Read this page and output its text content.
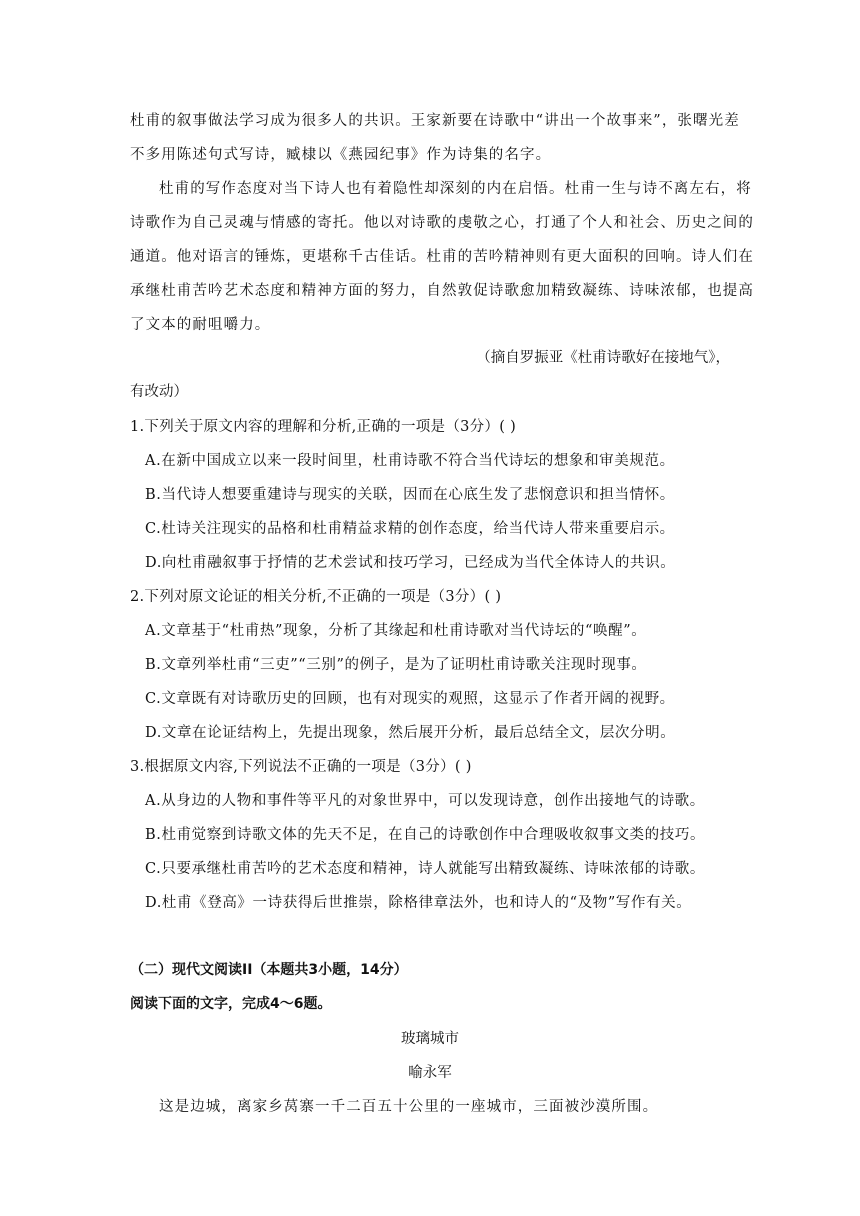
杜甫的叙事做法学习成为很多人的共识。王家新要在诗歌中“讲出一个故事来”，张曙光差
不多用陈述句式写诗，臧棣以《燕园纪事》作为诗集的名字。
杜甫的写作态度对当下诗人也有着隐性却深刻的内在启悟。杜甫一生与诗不离左右，将
诗歌作为自己灵魂与情感的寄托。他以对诗歌的虔敬之心，打通了个人和社会、历史之间的
通道。他对语言的锤炼，更堪称千古佳话。杜甫的苦吟精神则有更大面积的回响。诗人们在
承继杜甫苦吟艺术态度和精神方面的努力，自然敦促诗歌愈加精致凝练、诗味浓郁，也提高
了文本的耐咀嚼力。
（摘自罗振亚《杜甫诗歌好在接地气》，
有改动）
1.下列关于原文内容的理解和分析,正确的一项是（3分）( )
A.在新中国成立以来一段时间里，杜甫诗歌不符合当代诗坛的想象和审美规范。
B.当代诗人想要重建诗与现实的关联，因而在心底生发了悲悯意识和担当情怀。
C.杜诗关注现实的品格和杜甫精益求精的创作态度，给当代诗人带来重要启示。
D.向杜甫融叙事于抒情的艺术尝试和技巧学习，已经成为当代全体诗人的共识。
2.下列对原文论证的相关分析,不正确的一项是（3分）( )
A.文章基于“杜甫热”现象，分析了其缘起和杜甫诗歌对当代诗坛的“唤醒”。
B.文章列举杜甫“三吏”“三别”的例子，是为了证明杜甫诗歌关注现时现事。
C.文章既有对诗歌历史的回顾，也有对现实的观照，这显示了作者开阔的视野。
D.文章在论证结构上，先提出现象，然后展开分析，最后总结全文，层次分明。
3.根据原文内容,下列说法不正确的一项是（3分）( )
A.从身边的人物和事件等平凡的对象世界中，可以发现诗意，创作出接地气的诗歌。
B.杜甫觉察到诗歌文体的先天不足，在自己的诗歌创作中合理吸收叙事文类的技巧。
C.只要承继杜甫苦吟的艺术态度和精神，诗人就能写出精致凝练、诗味浓郁的诗歌。
D.杜甫《登高》一诗获得后世推崇，除格律章法外，也和诗人的“及物”写作有关。
（二）现代文阅读II（本题共3小题，14分）
阅读下面的文字，完成4～6题。
玻璃城市
喻永军
这是边城，离家乡莴寨一千二百五十公里的一座城市，三面被沙漠所围。
